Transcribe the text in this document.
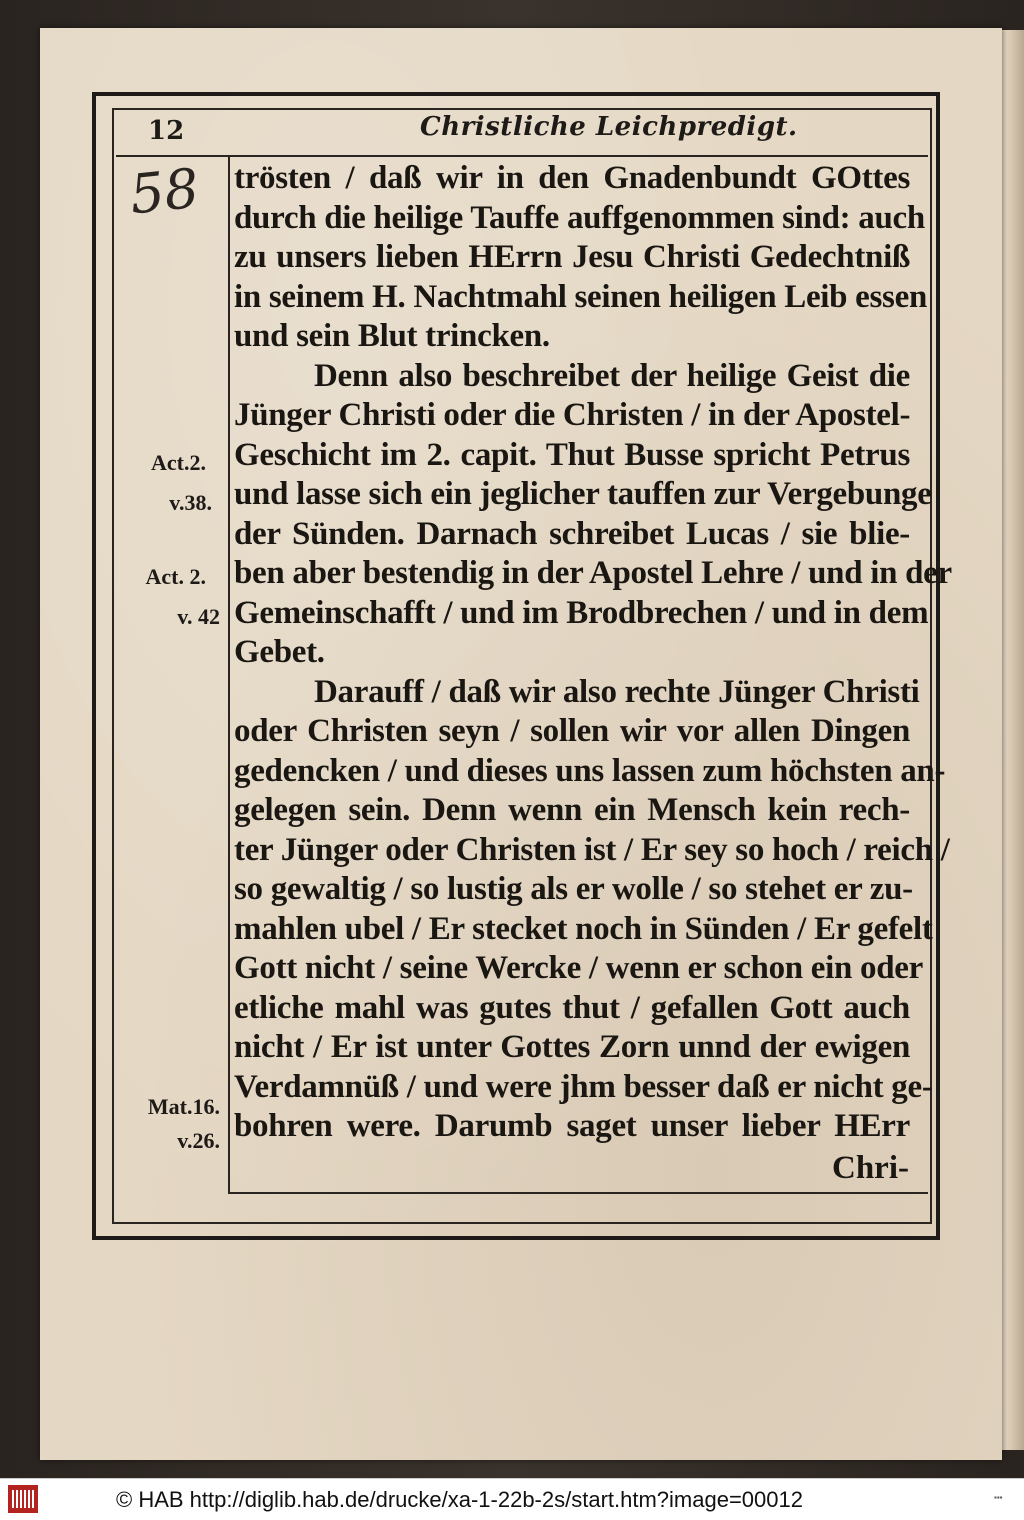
12	Christliche Leichpredigt.
58
Act.2.
v.38.
Act. 2.
v. 42
Mat.16.
v.26.
trösten / daß wir in den Gnadenbundt GOttes
durch die heilige Tauffe auffgenommen sind: auch
zu unsers lieben HErrn Jesu Christi Gedechtniß
in seinem H. Nachtmahl seinen heiligen Leib essen
und sein Blut trincken.
Denn also beschreibet der heilige Geist die
Jünger Christi oder die Christen / in der Apostel-
Geschicht im 2. capit. Thut Busse spricht Petrus
und lasse sich ein jeglicher tauffen zur Vergebunge
der Sünden. Darnach schreibet Lucas / sie blie-
ben aber bestendig in der Apostel Lehre / und in der
Gemeinschafft / und im Brodbrechen / und in dem
Gebet.
Darauff / daß wir also rechte Jünger Christi
oder Christen seyn / sollen wir vor allen Dingen
gedencken / und dieses uns lassen zum höchsten an-
gelegen sein. Denn wenn ein Mensch kein rech-
ter Jünger oder Christen ist / Er sey so hoch / reich /
so gewaltig / so lustig als er wolle / so stehet er zu-
mahlen ubel / Er stecket noch in Sünden / Er gefelt
Gott nicht / seine Wercke / wenn er schon ein oder
etliche mahl was gutes thut / gefallen Gott auch
nicht / Er ist unter Gottes Zorn unnd der ewigen
Verdamnüß / und were jhm besser daß er nicht ge-
bohren were. Darumb saget unser lieber HErr
Chri-
© HAB http://diglib.hab.de/drucke/xa-1-22b-2s/start.htm?image=00012	▪▪▪
